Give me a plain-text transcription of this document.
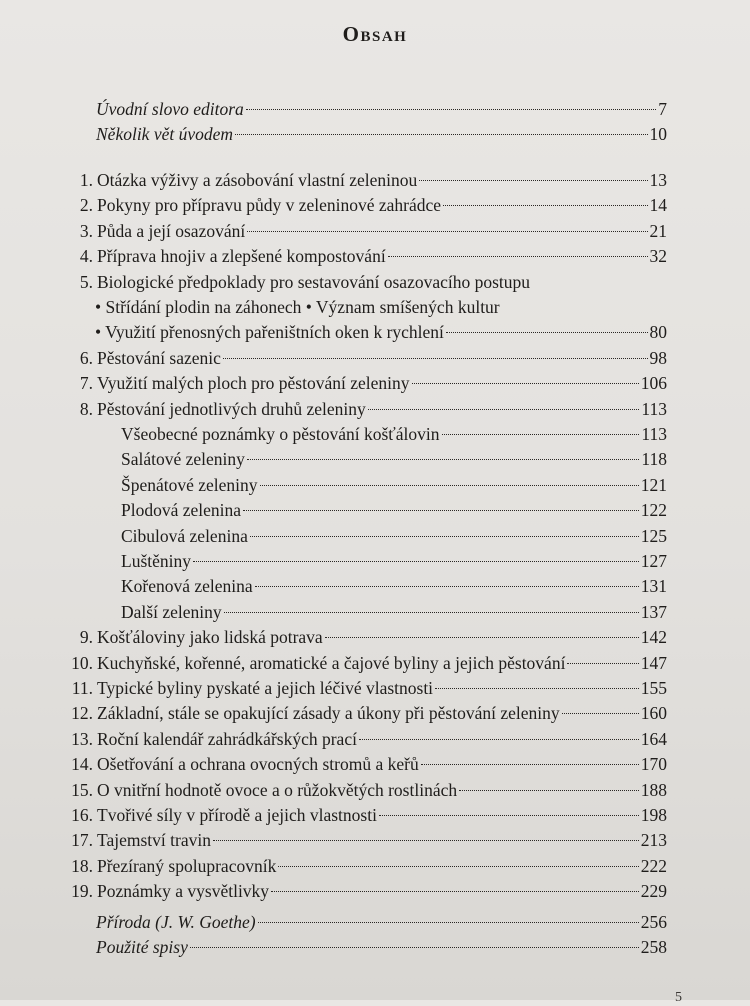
Obsah
Úvodní slovo editora	7
Několik vět úvodem	10
1. Otázka výživy a zásobování vlastní zeleninou	13
2. Pokyny pro přípravu půdy v zeleninové zahrádce	14
3. Půda a její osazování	21
4. Příprava hnojiv a zlepšené kompostování	32
5. Biologické předpoklady pro sestavování osazovacího postupu
• Střídání plodin na záhonech • Význam smíšených kultur
• Využití přenosných pařeništních oken k rychlení	80
6. Pěstování sazenic	98
7. Využití malých ploch pro pěstování zeleniny	106
8. Pěstování jednotlivých druhů zeleniny	113
Všeobecné poznámky o pěstování košťálovin	113
Salátové zeleniny	118
Špenátové zeleniny	121
Plodová zelenina	122
Cibulová zelenina	125
Luštěniny	127
Kořenová zelenina	131
Další zeleniny	137
9. Košťáloviny jako lidská potrava	142
10. Kuchyňské, kořenné, aromatické a čajové byliny a jejich pěstování	147
11. Typické byliny pyskaté a jejich léčivé vlastnosti	155
12. Základní, stále se opakující zásady a úkony při pěstování zeleniny	160
13. Roční kalendář zahrádkářských prací	164
14. Ošetřování a ochrana ovocných stromů a keřů	170
15. O vnitřní hodnotě ovoce a o růžokvětých rostlinách	188
16. Tvořivé síly v přírodě a jejich vlastnosti	198
17. Tajemství travin	213
18. Přezíraný spolupracovník	222
19. Poznámky a vysvětlivky	229
Příroda (J. W. Goethe)	256
Použité spisy	258
5
